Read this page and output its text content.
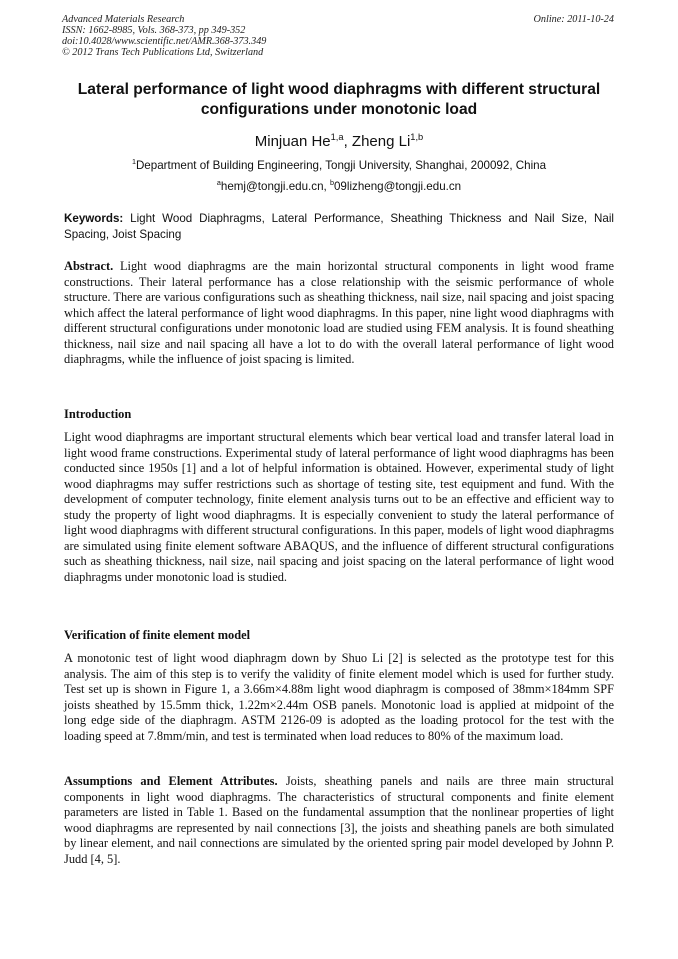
Advanced Materials Research
ISSN: 1662-8985, Vols. 368-373, pp 349-352
doi:10.4028/www.scientific.net/AMR.368-373.349
© 2012 Trans Tech Publications Ltd, Switzerland
Online: 2011-10-24
Lateral performance of light wood diaphragms with different structural configurations under monotonic load
Minjuan He$^{1,a}$, Zheng Li$^{1,b}$
$^1$Department of Building Engineering, Tongji University, Shanghai, 200092, China
$^a$hemj@tongji.edu.cn, $^b$09lizheng@tongji.edu.cn
Keywords: Light Wood Diaphragms, Lateral Performance, Sheathing Thickness and Nail Size, Nail Spacing, Joist Spacing
Abstract. Light wood diaphragms are the main horizontal structural components in light wood frame constructions. Their lateral performance has a close relationship with the seismic performance of whole structure. There are various configurations such as sheathing thickness, nail size, nail spacing and joist spacing which affect the lateral performance of light wood diaphragms. In this paper, nine light wood diaphragms with different structural configurations under monotonic load are studied using FEM analysis. It is found sheathing thickness, nail size and nail spacing all have a lot to do with the overall lateral performance of light wood diaphragms, while the influence of joist spacing is limited.
Introduction
Light wood diaphragms are important structural elements which bear vertical load and transfer lateral load in light wood frame constructions. Experimental study of lateral performance of light wood diaphragms has been conducted since 1950s [1] and a lot of helpful information is obtained. However, experimental study of light wood diaphragms may suffer restrictions such as shortage of testing site, test equipment and fund. With the development of computer technology, finite element analysis turns out to be an effective and efficient way to study the property of light wood diaphragms. It is especially convenient to study the lateral performance of light wood diaphragms with different structural configurations. In this paper, models of light wood diaphragms are simulated using finite element software ABAQUS, and the influence of different structural configurations such as sheathing thickness, nail size, nail spacing and joist spacing on the lateral performance of light wood diaphragms under monotonic load is studied.
Verification of finite element model
A monotonic test of light wood diaphragm down by Shuo Li [2] is selected as the prototype test for this analysis. The aim of this step is to verify the validity of finite element model which is used for further study. Test set up is shown in Figure 1, a 3.66m×4.88m light wood diaphragm is composed of 38mm×184mm SPF joists sheathed by 15.5mm thick, 1.22m×2.44m OSB panels. Monotonic load is applied at midpoint of the long edge side of the diaphragm. ASTM 2126-09 is adopted as the loading protocol for the test with the loading speed at 7.8mm/min, and test is terminated when load reduces to 80% of the maximum load.
Assumptions and Element Attributes. Joists, sheathing panels and nails are three main structural components in light wood diaphragms. The characteristics of structural components and finite element parameters are listed in Table 1. Based on the fundamental assumption that the nonlinear properties of light wood diaphragms are represented by nail connections [3], the joists and sheathing panels are both simulated by linear element, and nail connections are simulated by the oriented spring pair model developed by Johnn P. Judd [4, 5].
